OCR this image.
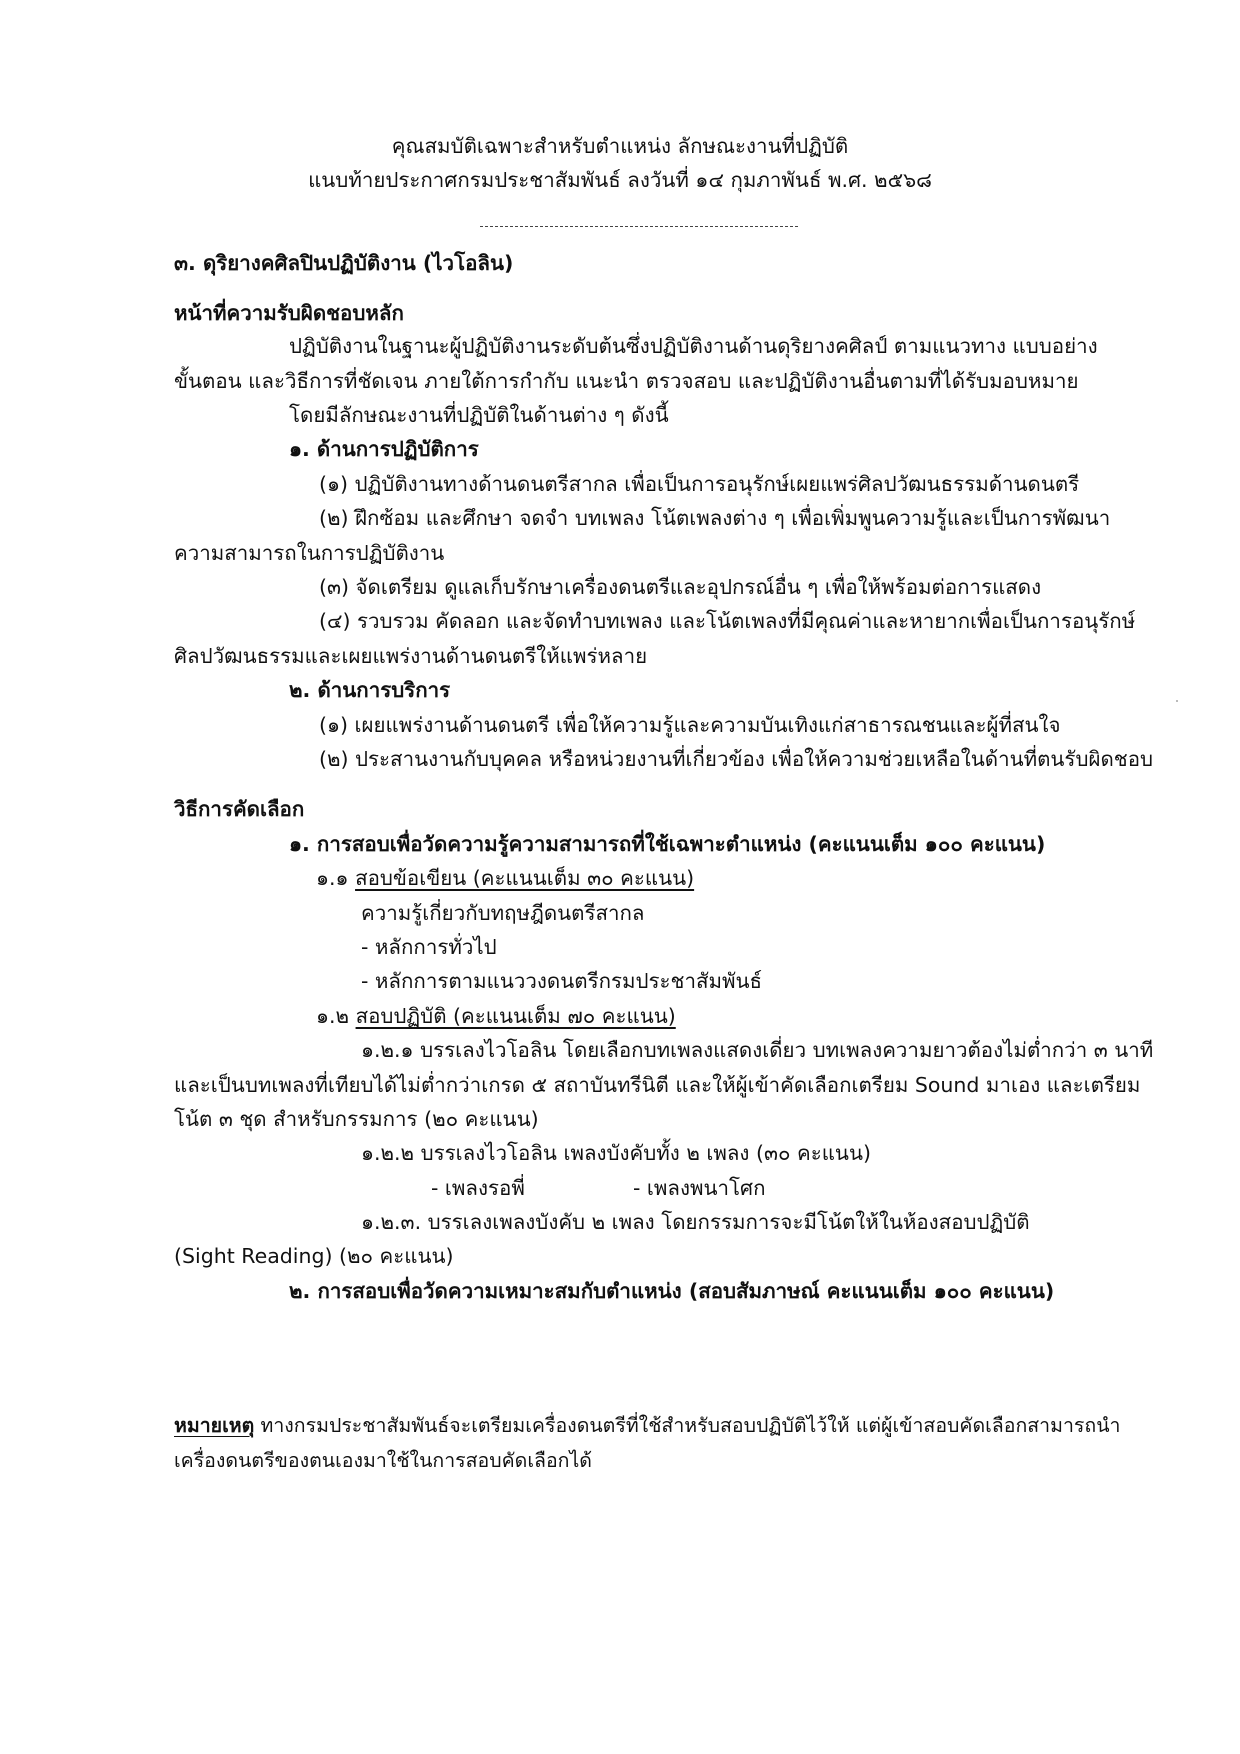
คุณสมบัติเฉพาะสำหรับตำแหน่ง ลักษณะงานที่ปฏิบัติ
แนบท้ายประกาศกรมประชาสัมพันธ์ ลงวันที่ ๑๔ กุมภาพันธ์ พ.ศ. ๒๕๖๘
๓. ดุริยางคศิลปินปฏิบัติงาน (ไวโอลิน)
หน้าที่ความรับผิดชอบหลัก
ปฏิบัติงานในฐานะผู้ปฏิบัติงานระดับต้นซึ่งปฏิบัติงานด้านดุริยางคศิลป์ ตามแนวทาง แบบอย่าง
ขั้นตอน และวิธีการที่ชัดเจน ภายใต้การกำกับ แนะนำ ตรวจสอบ และปฏิบัติงานอื่นตามที่ได้รับมอบหมาย
โดยมีลักษณะงานที่ปฏิบัติในด้านต่าง ๆ ดังนี้
๑. ด้านการปฏิบัติการ
(๑) ปฏิบัติงานทางด้านดนตรีสากล เพื่อเป็นการอนุรักษ์เผยแพร่ศิลปวัฒนธรรมด้านดนตรี
(๒) ฝึกซ้อม และศึกษา จดจำ บทเพลง โน้ตเพลงต่าง ๆ เพื่อเพิ่มพูนความรู้และเป็นการพัฒนา
ความสามารถในการปฏิบัติงาน
(๓) จัดเตรียม ดูแลเก็บรักษาเครื่องดนตรีและอุปกรณ์อื่น ๆ เพื่อให้พร้อมต่อการแสดง
(๔) รวบรวม คัดลอก และจัดทำบทเพลง และโน้ตเพลงที่มีคุณค่าและหายากเพื่อเป็นการอนุรักษ์
ศิลปวัฒนธรรมและเผยแพร่งานด้านดนตรีให้แพร่หลาย
๒. ด้านการบริการ
(๑) เผยแพร่งานด้านดนตรี เพื่อให้ความรู้และความบันเทิงแก่สาธารณชนและผู้ที่สนใจ
(๒) ประสานงานกับบุคคล หรือหน่วยงานที่เกี่ยวข้อง เพื่อให้ความช่วยเหลือในด้านที่ตนรับผิดชอบ
วิธีการคัดเลือก
๑. การสอบเพื่อวัดความรู้ความสามารถที่ใช้เฉพาะตำแหน่ง (คะแนนเต็ม ๑๐๐ คะแนน)
๑.๑ สอบข้อเขียน (คะแนนเต็ม ๓๐ คะแนน)
ความรู้เกี่ยวกับทฤษฎีดนตรีสากล
- หลักการทั่วไป
- หลักการตามแนววงดนตรีกรมประชาสัมพันธ์
๑.๒ สอบปฏิบัติ (คะแนนเต็ม ๗๐ คะแนน)
๑.๒.๑ บรรเลงไวโอลิน โดยเลือกบทเพลงแสดงเดี่ยว บทเพลงความยาวต้องไม่ต่ำกว่า ๓ นาที
และเป็นบทเพลงที่เทียบได้ไม่ต่ำกว่าเกรด ๕ สถาบันทรีนิตี และให้ผู้เข้าคัดเลือกเตรียม Sound มาเอง และเตรียม
โน้ต ๓ ชุด สำหรับกรรมการ (๒๐ คะแนน)
๑.๒.๒ บรรเลงไวโอลิน เพลงบังคับทั้ง ๒ เพลง (๓๐ คะแนน)
- เพลงรอพี่	- เพลงพนาโศก
๑.๒.๓. บรรเลงเพลงบังคับ ๒ เพลง โดยกรรมการจะมีโน้ตให้ในห้องสอบปฏิบัติ
(Sight Reading) (๒๐ คะแนน)
๒. การสอบเพื่อวัดความเหมาะสมกับตำแหน่ง (สอบสัมภาษณ์ คะแนนเต็ม ๑๐๐ คะแนน)
หมายเหตุ ทางกรมประชาสัมพันธ์จะเตรียมเครื่องดนตรีที่ใช้สำหรับสอบปฏิบัติไว้ให้ แต่ผู้เข้าสอบคัดเลือกสามารถนำ
เครื่องดนตรีของตนเองมาใช้ในการสอบคัดเลือกได้
